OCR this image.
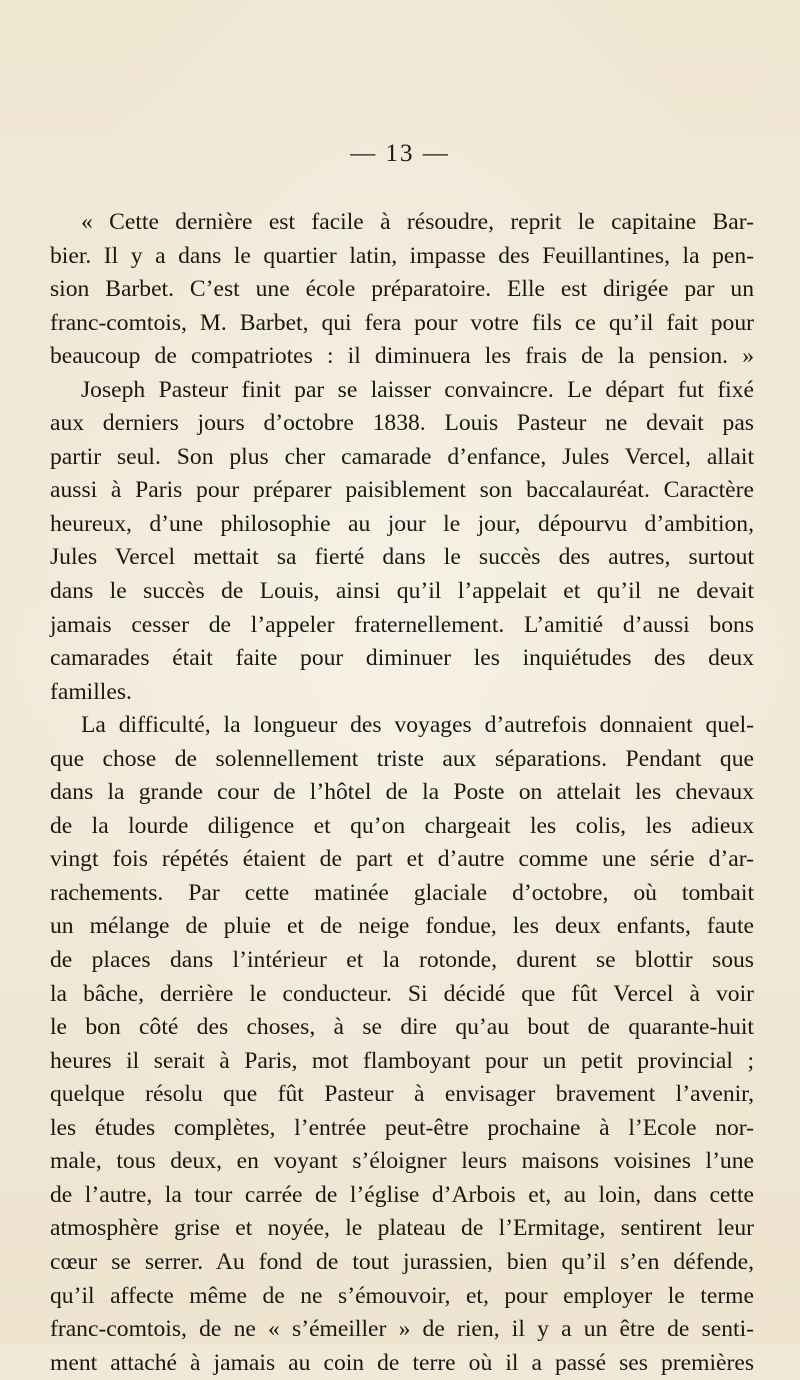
— 13 —
« Cette dernière est facile à résoudre, reprit le capitaine Bar-
bier. Il y a dans le quartier latin, impasse des Feuillantines, la pen-
sion Barbet. C’est une école préparatoire. Elle est dirigée par un
franc-comtois, M. Barbet, qui fera pour votre fils ce qu’il fait pour
beaucoup de compatriotes : il diminuera les frais de la pension. »
Joseph Pasteur finit par se laisser convaincre. Le départ fut fixé
aux derniers jours d’octobre 1838. Louis Pasteur ne devait pas
partir seul. Son plus cher camarade d’enfance, Jules Vercel, allait
aussi à Paris pour préparer paisiblement son baccalauréat. Caractère
heureux, d’une philosophie au jour le jour, dépourvu d’ambition,
Jules Vercel mettait sa fierté dans le succès des autres, surtout
dans le succès de Louis, ainsi qu’il l’appelait et qu’il ne devait
jamais cesser de l’appeler fraternellement. L’amitié d’aussi bons
camarades était faite pour diminuer les inquiétudes des deux
familles.
La difficulté, la longueur des voyages d’autrefois donnaient quel-
que chose de solennellement triste aux séparations. Pendant que
dans la grande cour de l’hôtel de la Poste on attelait les chevaux
de la lourde diligence et qu’on chargeait les colis, les adieux
vingt fois répétés étaient de part et d’autre comme une série d’ar-
rachements. Par cette matinée glaciale d’octobre, où tombait
un mélange de pluie et de neige fondue, les deux enfants, faute
de places dans l’intérieur et la rotonde, durent se blottir sous
la bâche, derrière le conducteur. Si décidé que fût Vercel à voir
le bon côté des choses, à se dire qu’au bout de quarante-huit
heures il serait à Paris, mot flamboyant pour un petit provincial ;
quelque résolu que fût Pasteur à envisager bravement l’avenir,
les études complètes, l’entrée peut-être prochaine à l’Ecole nor-
male, tous deux, en voyant s’éloigner leurs maisons voisines l’une
de l’autre, la tour carrée de l’église d’Arbois et, au loin, dans cette
atmosphère grise et noyée, le plateau de l’Ermitage, sentirent leur
cœur se serrer. Au fond de tout jurassien, bien qu’il s’en défende,
qu’il affecte même de ne s’émouvoir, et, pour employer le terme
franc-comtois, de ne « s’émeiller » de rien, il y a un être de senti-
ment attaché à jamais au coin de terre où il a passé ses premières
